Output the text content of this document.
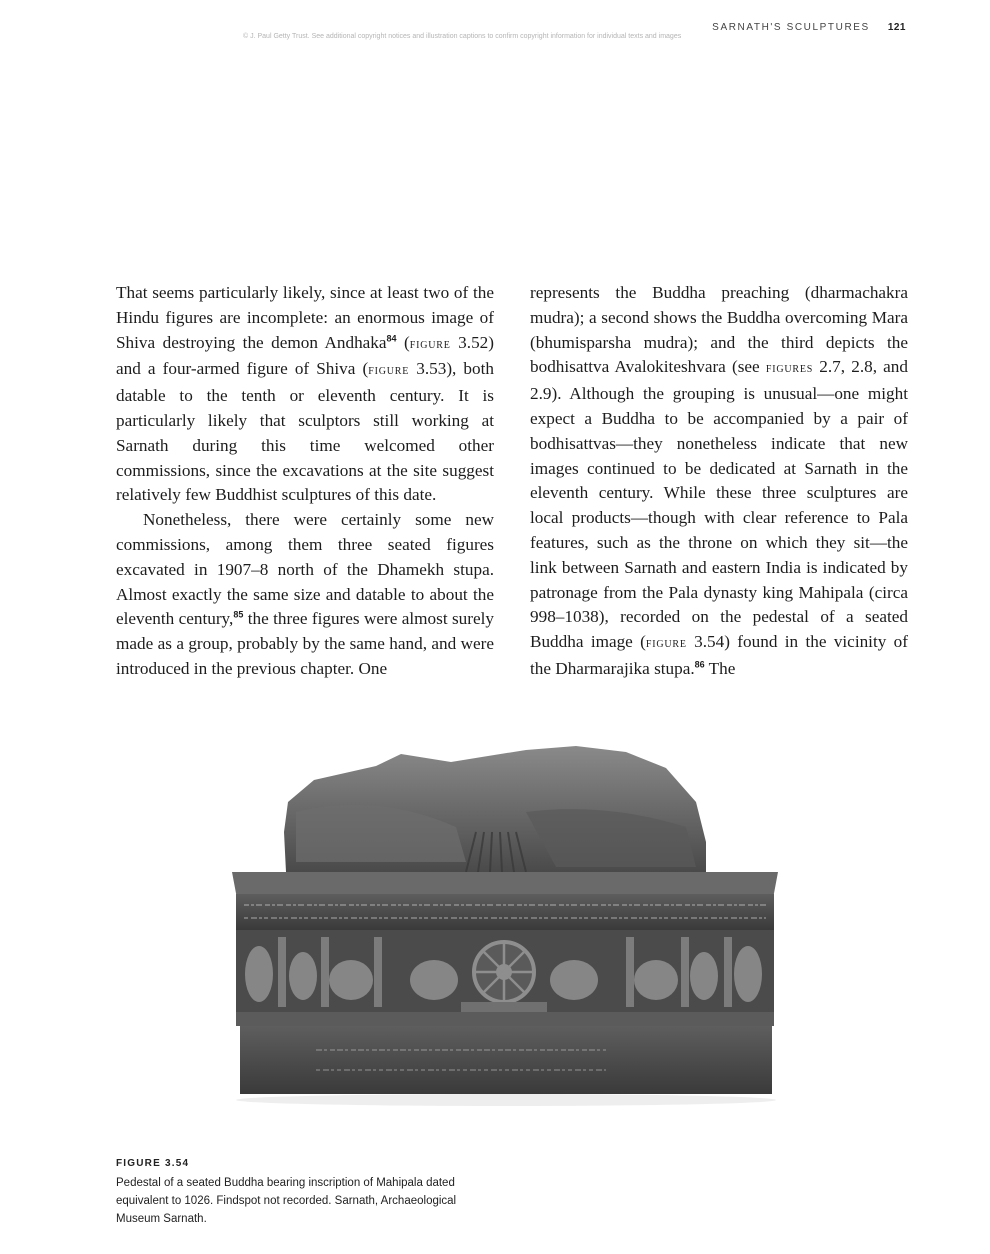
SARNATH'S SCULPTURES 121
© J. Paul Getty Trust. See additional copyright notices and illustration captions to confirm copyright information for individual texts and images

That seems particularly likely, since at least two of the Hindu figures are incomplete: an enormous image of Shiva destroying the demon Andhaka$^{84}$ (figure 3.52) and a four-armed figure of Shiva (figure 3.53), both datable to the tenth or eleventh century. It is particularly likely that sculptors still working at Sarnath during this time welcomed other commissions, since the excavations at the site suggest relatively few Buddhist sculptures of this date.

Nonetheless, there were certainly some new commissions, among them three seated figures excavated in 1907–8 north of the Dhamekh stupa. Almost exactly the same size and datable to about the eleventh century,$^{85}$ the three figures were almost surely made as a group, probably by the same hand, and were introduced in the previous chapter. One

represents the Buddha preaching (dharmachakra mudra); a second shows the Buddha overcoming Mara (bhumisparsha mudra); and the third depicts the bodhisattva Avalokiteshvara (see figures 2.7, 2.8, and 2.9). Although the grouping is unusual—one might expect a Buddha to be accompanied by a pair of bodhisattvas—they nonetheless indicate that new images continued to be dedicated at Sarnath in the eleventh century. While these three sculptures are local products—though with clear reference to Pala features, such as the throne on which they sit—the link between Sarnath and eastern India is indicated by patronage from the Pala dynasty king Mahipala (circa 998–1038), recorded on the pedestal of a seated Buddha image (figure 3.54) found in the vicinity of the Dharmarajika stupa.$^{86}$ The

FIGURE 3.54
Pedestal of a seated Buddha bearing inscription of Mahipala dated equivalent to 1026. Findspot not recorded. Sarnath, Archaeological Museum Sarnath.
